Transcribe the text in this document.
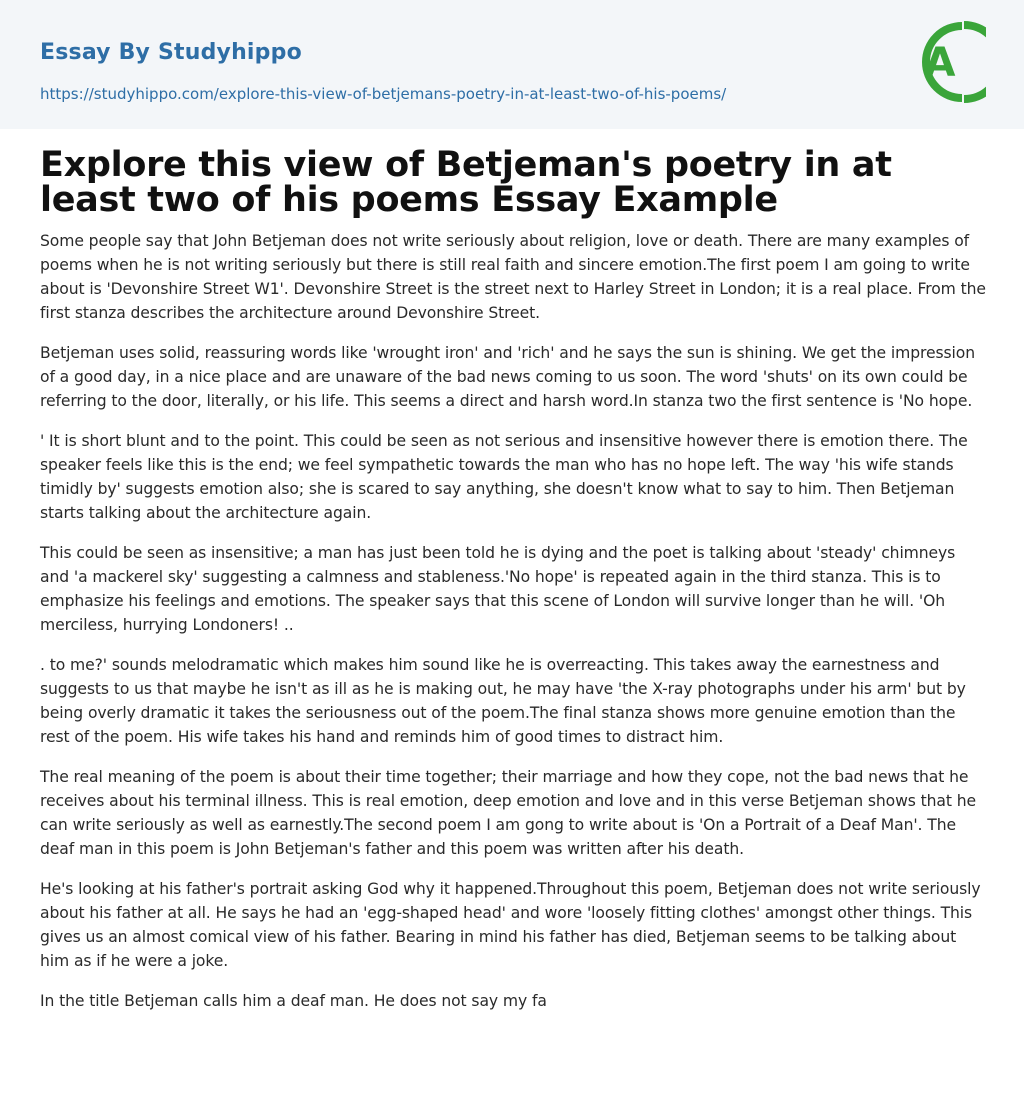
Essay By Studyhippo
https://studyhippo.com/explore-this-view-of-betjemans-poetry-in-at-least-two-of-his-poems/
A
Explore this view of Betjeman's poetry in at least two of his poems Essay Example

Some people say that John Betjeman does not write seriously about religion, love or death. There are many examples of poems when he is not writing seriously but there is still real faith and sincere emotion.The first poem I am going to write about is 'Devonshire Street W1'. Devonshire Street is the street next to Harley Street in London; it is a real place. From the first stanza describes the architecture around Devonshire Street.

Betjeman uses solid, reassuring words like 'wrought iron' and 'rich' and he says the sun is shining. We get the impression of a good day, in a nice place and are unaware of the bad news coming to us soon. The word 'shuts' on its own could be referring to the door, literally, or his life. This seems a direct and harsh word.In stanza two the first sentence is 'No hope.

' It is short blunt and to the point. This could be seen as not serious and insensitive however there is emotion there. The speaker feels like this is the end; we feel sympathetic towards the man who has no hope left. The way 'his wife stands timidly by' suggests emotion also; she is scared to say anything, she doesn't know what to say to him. Then Betjeman starts talking about the architecture again.

This could be seen as insensitive; a man has just been told he is dying and the poet is talking about 'steady' chimneys and 'a mackerel sky' suggesting a calmness and stableness.'No hope' is repeated again in the third stanza. This is to emphasize his feelings and emotions. The speaker says that this scene of London will survive longer than he will. 'Oh merciless, hurrying Londoners! ..

. to me?' sounds melodramatic which makes him sound like he is overreacting. This takes away the earnestness and suggests to us that maybe he isn't as ill as he is making out, he may have 'the X-ray photographs under his arm' but by being overly dramatic it takes the seriousness out of the poem.The final stanza shows more genuine emotion than the rest of the poem. His wife takes his hand and reminds him of good times to distract him.

The real meaning of the poem is about their time together; their marriage and how they cope, not the bad news that he receives about his terminal illness. This is real emotion, deep emotion and love and in this verse Betjeman shows that he can write seriously as well as earnestly.The second poem I am gong to write about is 'On a Portrait of a Deaf Man'. The deaf man in this poem is John Betjeman's father and this poem was written after his death.

He's looking at his father's portrait asking God why it happened.Throughout this poem, Betjeman does not write seriously about his father at all. He says he had an 'egg-shaped head' and wore 'loosely fitting clothes' amongst other things. This gives us an almost comical view of his father. Bearing in mind his father has died, Betjeman seems to be talking about him as if he were a joke.

In the title Betjeman calls him a deaf man. He does not say my fa
